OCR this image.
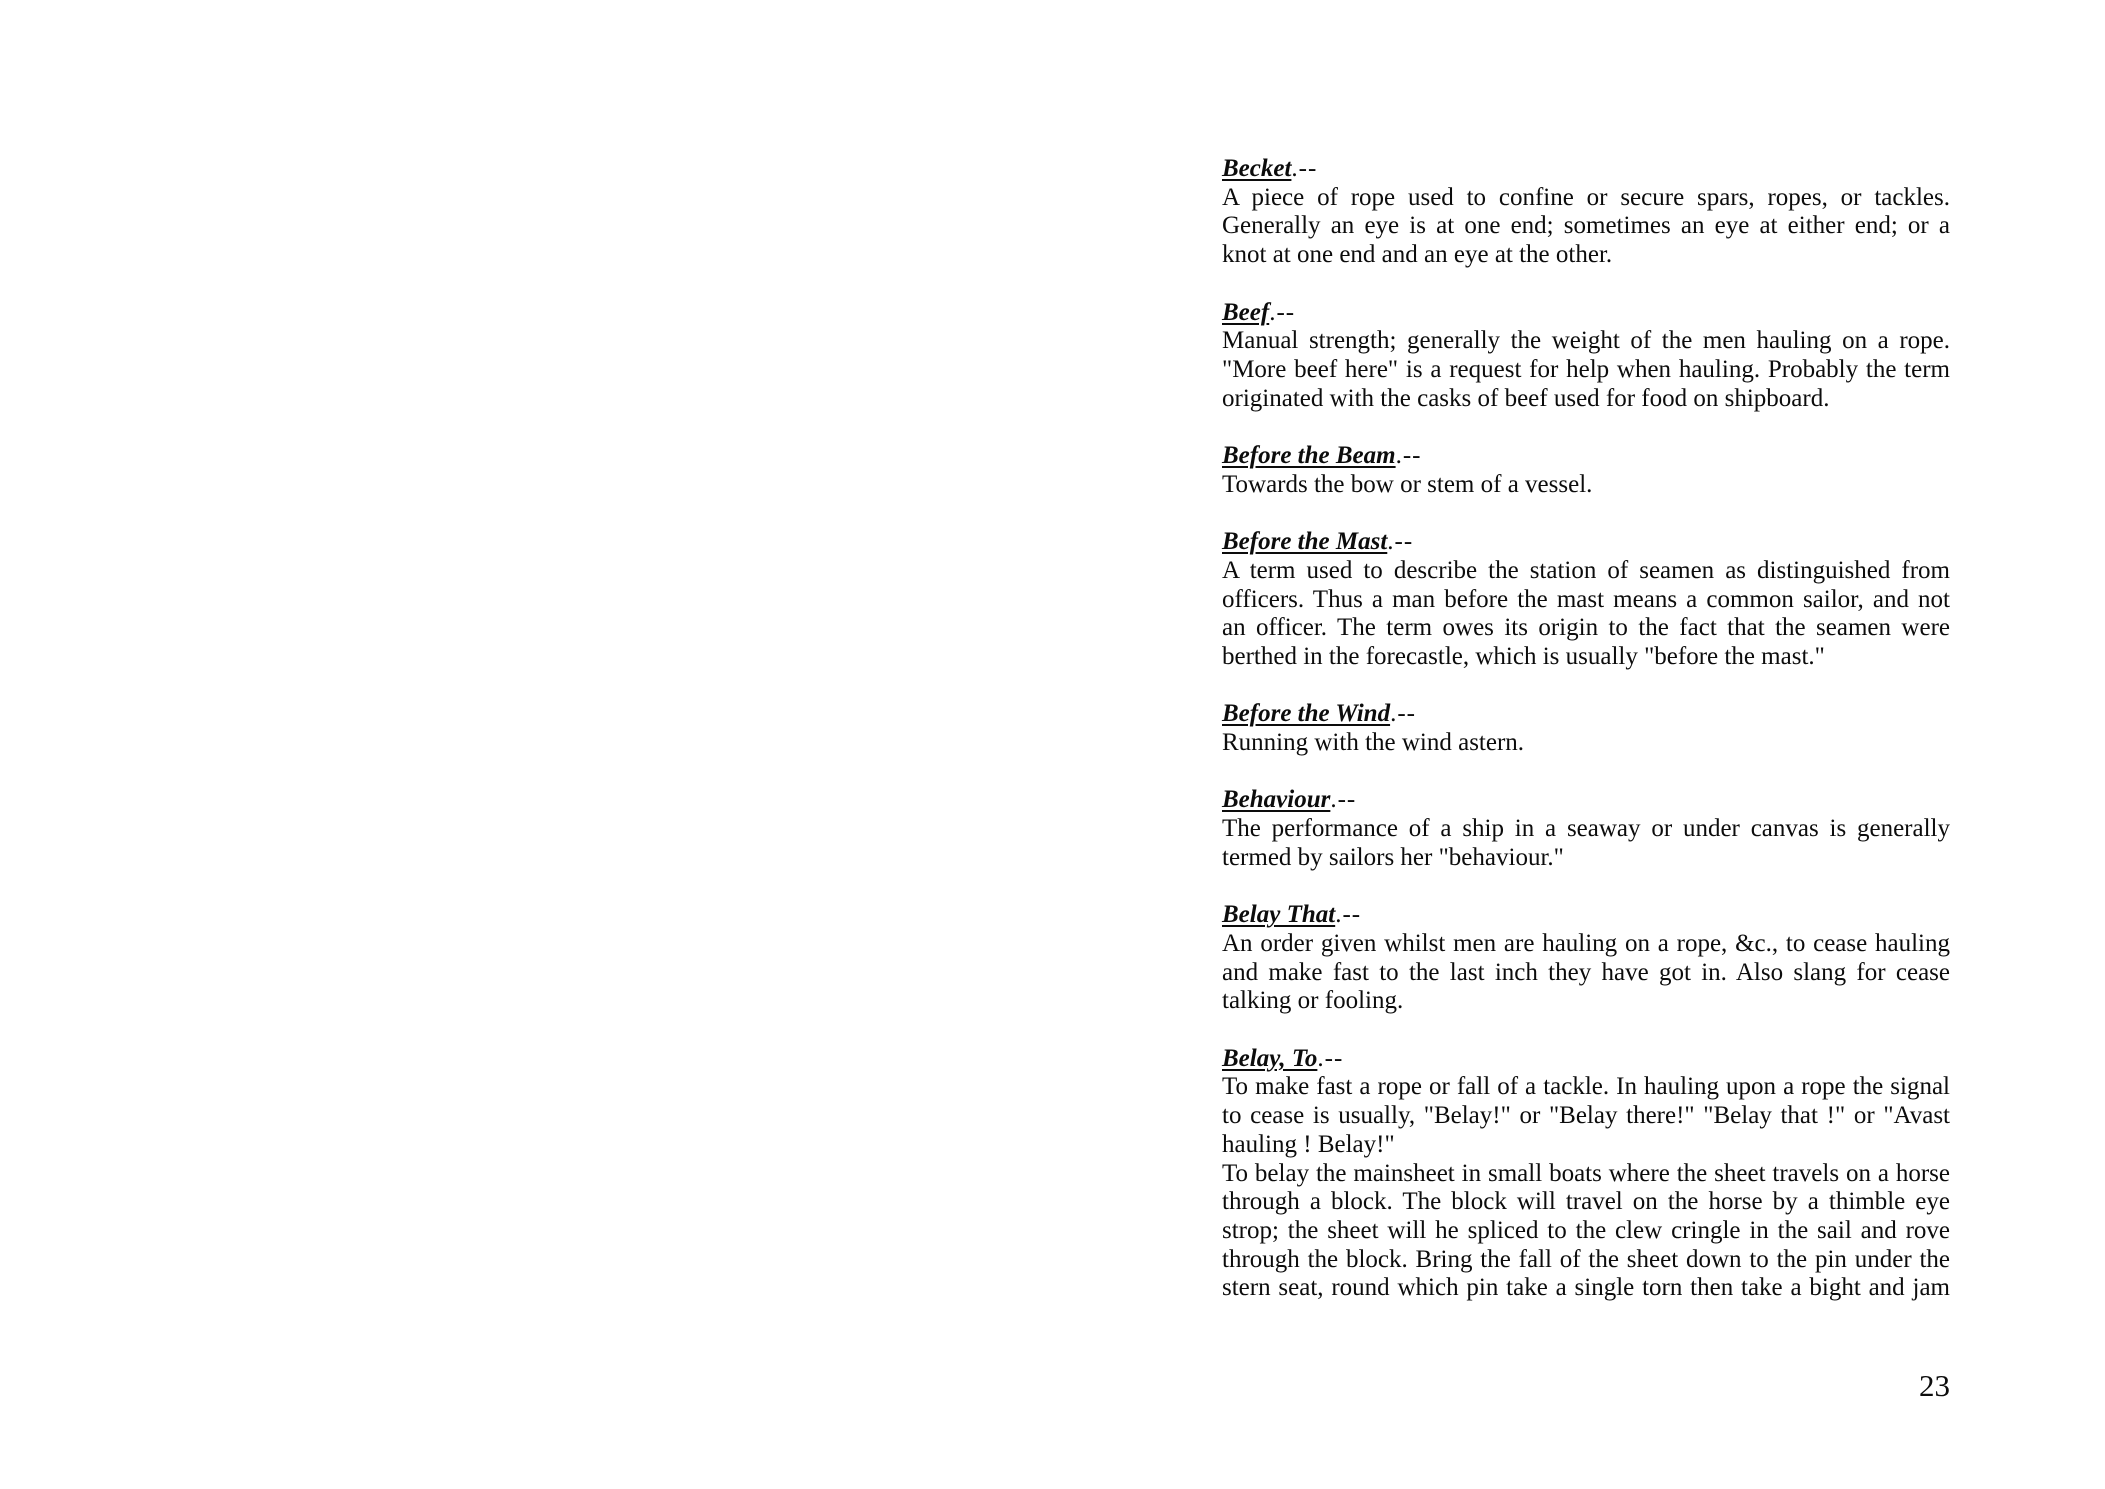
Becket.--
A piece of rope used to confine or secure spars, ropes, or tackles.
Generally an eye is at one end; sometimes an eye at either end; or a
knot at one end and an eye at the other.
Beef.--
Manual strength; generally the weight of the men hauling on a rope.
"More beef here" is a request for help when hauling. Probably the term
originated with the casks of beef used for food on shipboard.
Before the Beam.--
Towards the bow or stem of a vessel.
Before the Mast.--
A term used to describe the station of seamen as distinguished from
officers. Thus a man before the mast means a common sailor, and not
an officer. The term owes its origin to the fact that the seamen were
berthed in the forecastle, which is usually "before the mast."
Before the Wind.--
Running with the wind astern.
Behaviour.--
The performance of a ship in a seaway or under canvas is generally
termed by sailors her "behaviour."
Belay That.--
An order given whilst men are hauling on a rope, &c., to cease hauling
and make fast to the last inch they have got in. Also slang for cease
talking or fooling.
Belay, To.--
To make fast a rope or fall of a tackle. In hauling upon a rope the signal
to cease is usually, "Belay!" or "Belay there!" "Belay that !" or "Avast
hauling ! Belay!"
To belay the mainsheet in small boats where the sheet travels on a horse
through a block. The block will travel on the horse by a thimble eye
strop; the sheet will he spliced to the clew cringle in the sail and rove
through the block. Bring the fall of the sheet down to the pin under the
stern seat, round which pin take a single torn then take a bight and jam
23
